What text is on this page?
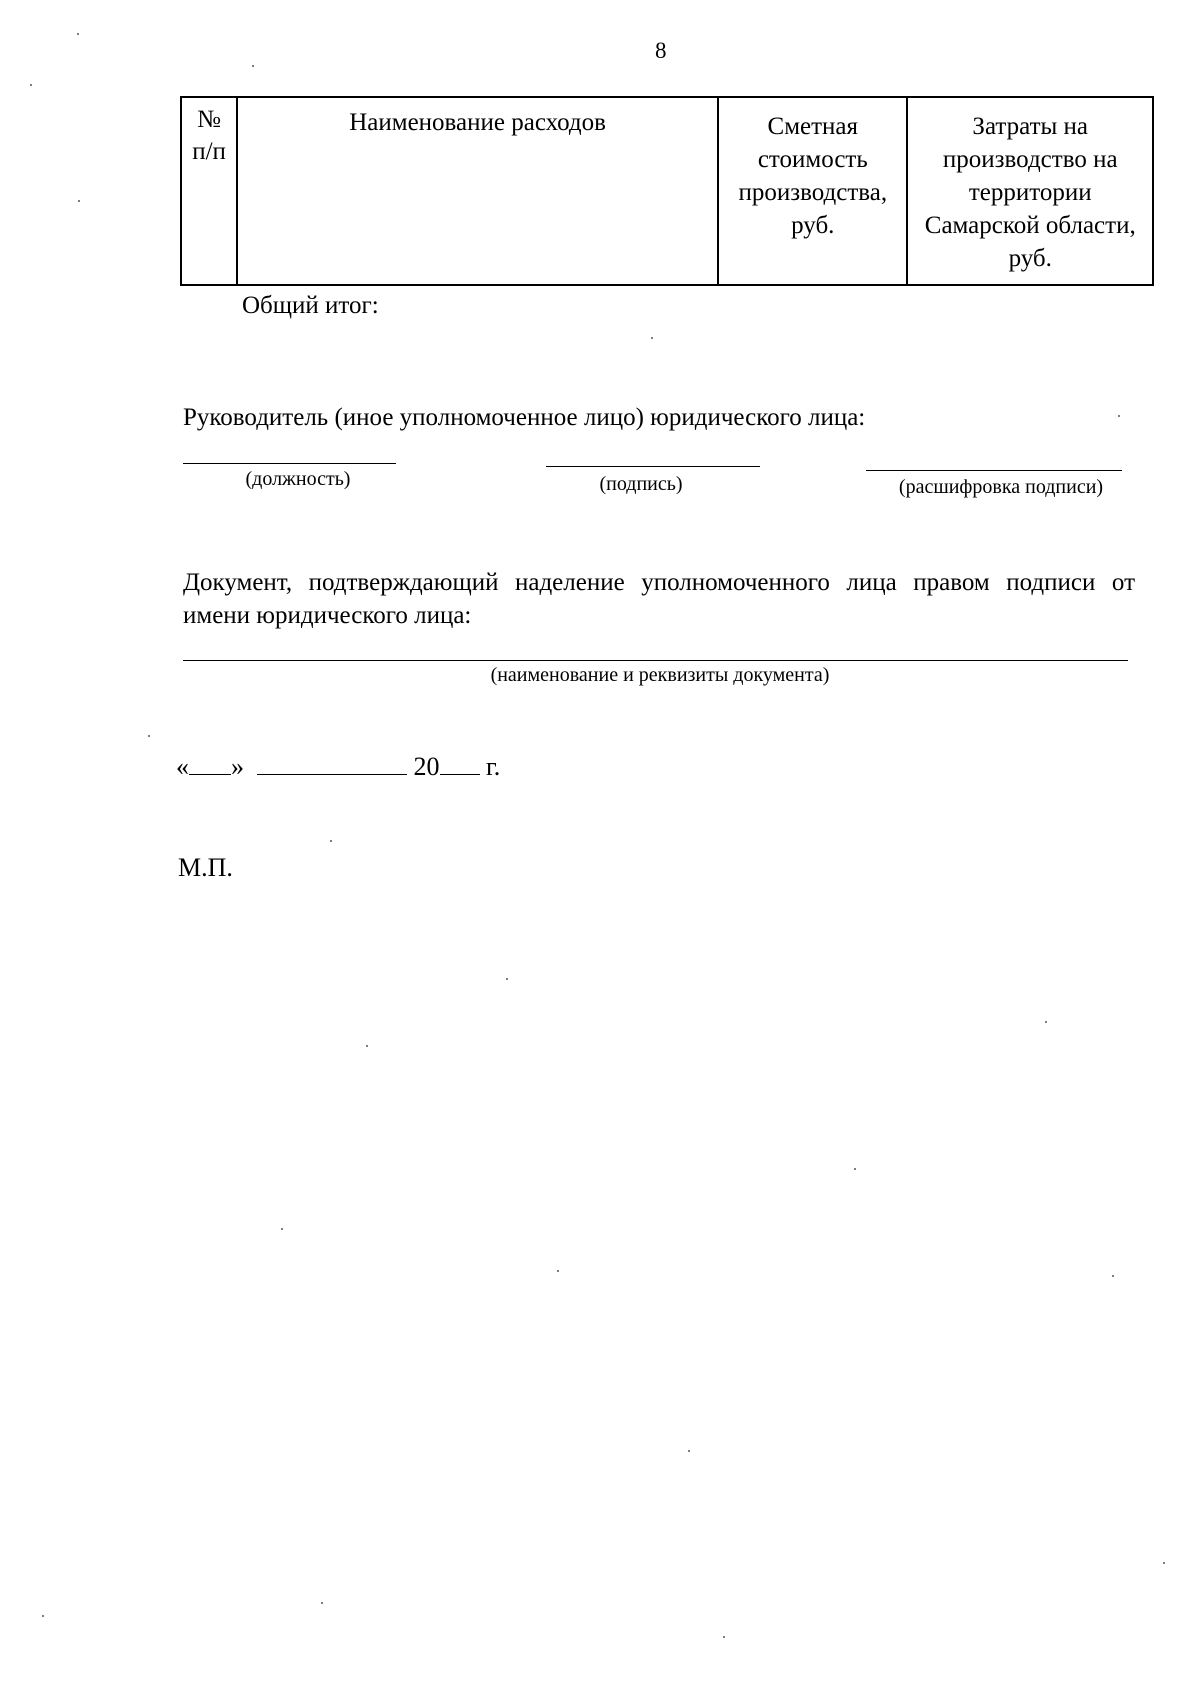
8
№ п/п	Наименование расходов	Сметная стоимость производства, руб.	Затраты на производство на территории Самарской области, руб.
Общий итог:
Руководитель (иное уполномоченное лицо) юридического лица:
(должность)	(подпись)	(расшифровка подписи)
Документ, подтверждающий наделение уполномоченного лица правом подписи от имени юридического лица:
(наименование и реквизиты документа)
« »	20 г.
М.П.
